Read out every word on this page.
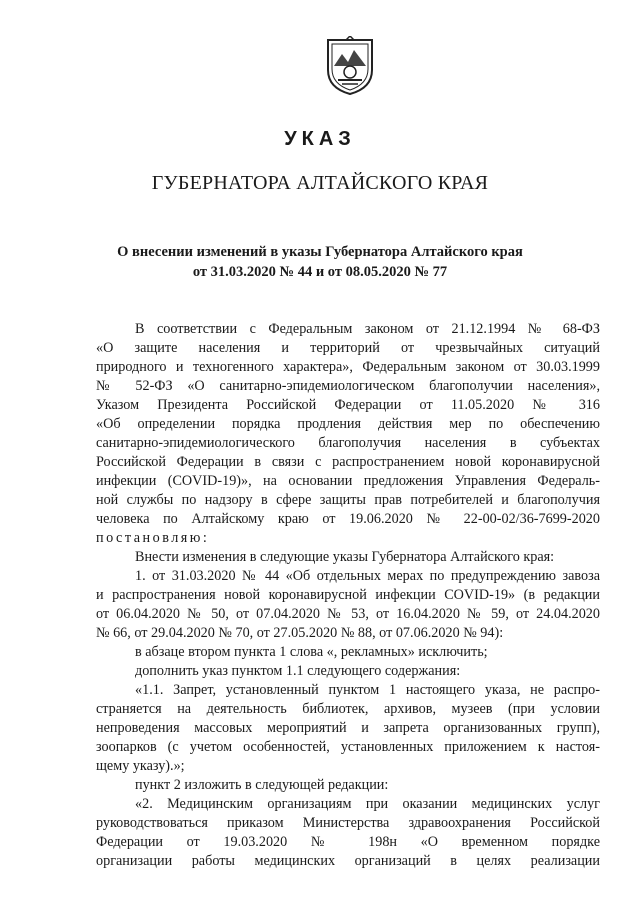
УКАЗ
ГУБЕРНАТОРА АЛТАЙСКОГО КРАЯ
О внесении изменений в указы Губернатора Алтайского края
от 31.03.2020 № 44 и от 08.05.2020 № 77
В соответствии с Федеральным законом от 21.12.1994 № 68-ФЗ
«О защите населения и территорий от чрезвычайных ситуаций
природного и техногенного характера», Федеральным законом от 30.03.1999
№ 52-ФЗ «О санитарно-эпидемиологическом благополучии населения»,
Указом Президента Российской Федерации от 11.05.2020 № 316
«Об определении порядка продления действия мер по обеспечению
санитарно-эпидемиологического благополучия населения в субъектах
Российской Федерации в связи с распространением новой коронавирусной
инфекции (COVID-19)», на основании предложения Управления Федераль-
ной службы по надзору в сфере защиты прав потребителей и благополучия
человека по Алтайскому краю от 19.06.2020 № 22-00-02/36-7699-2020
постановляю:
Внести изменения в следующие указы Губернатора Алтайского края:
1. от 31.03.2020 № 44 «Об отдельных мерах по предупреждению завоза
и распространения новой коронавирусной инфекции COVID-19» (в редакции
от 06.04.2020 № 50, от 07.04.2020 № 53, от 16.04.2020 № 59, от 24.04.2020
№ 66, от 29.04.2020 № 70, от 27.05.2020 № 88, от 07.06.2020 № 94):
в абзаце втором пункта 1 слова «, рекламных» исключить;
дополнить указ пунктом 1.1 следующего содержания:
«1.1. Запрет, установленный пунктом 1 настоящего указа, не распро-
страняется на деятельность библиотек, архивов, музеев (при условии
непроведения массовых мероприятий и запрета организованных групп),
зоопарков (с учетом особенностей, установленных приложением к настоя-
щему указу).»;
пункт 2 изложить в следующей редакции:
«2. Медицинским организациям при оказании медицинских услуг
руководствоваться приказом Министерства здравоохранения Российской
Федерации от 19.03.2020 № 198н «О временном порядке
организации работы медицинских организаций в целях реализации
